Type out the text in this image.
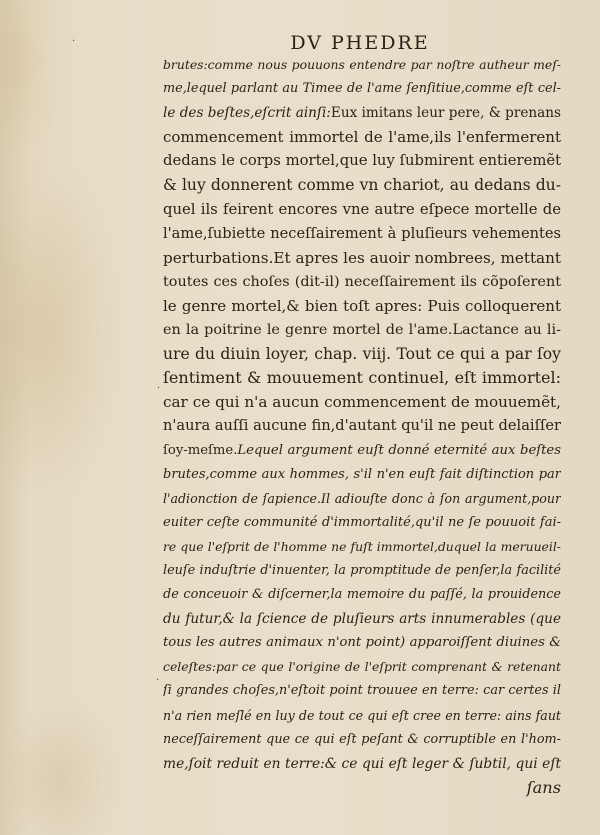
DV PHEDRE
brutes:comme nous pouuons entendre par noſtre autheur meſ-
me,lequel parlant au Timee de l'ame ſenſitiue,comme eſt cel-
le des beſtes,eſcrit ainſi:Eux imitans leur pere, & prenans
commencement immortel de l'ame,ils l'enfermerent
dedans le corps mortel,que luy ſubmirent entieremẽt
& luy donnerent comme vn chariot, au dedans du-
quel ils feirent encores vne autre eſpece mortelle de
l'ame,ſubiette neceſſairement à pluſieurs vehementes
perturbations.Et apres les auoir nombrees, mettant
toutes ces choſes (dit-il) neceſſairement ils cõpoſerent
le genre mortel,& bien toſt apres: Puis colloquerent
en la poitrine le genre mortel de l'ame.Lactance au li-
ure du diuin loyer, chap. viij. Tout ce qui a par ſoy
ſentiment & mouuement continuel, eſt immortel:
car ce qui n'a aucun commencement de mouuemẽt,
n'aura auſſi aucune fin,d'autant qu'il ne peut delaiſſer
ſoy-meſme.Lequel argument euſt donné eternité aux beſtes
brutes,comme aux hommes, s'il n'en euſt fait diſtinction par
l'adionction de ſapience.Il adiouſte donc à ſon argument,pour
euiter ceſte communité d'immortalité,qu'il ne ſe pouuoit fai-
re que l'eſprit de l'homme ne fuſt immortel,duquel la meruueil-
leuſe induſtrie d'inuenter, la promptitude de penſer,la facilité
de conceuoir & diſcerner,la memoire du paſſé, la prouidence
du futur,& la ſcience de pluſieurs arts innumerables (que
tous les autres animaux n'ont point) apparoiſſent diuines &
celeſtes:par ce que l'origine de l'eſprit comprenant & retenant
ſi grandes choſes,n'eſtoit point trouuee en terre: car certes il
n'a rien meſlé en luy de tout ce qui eſt cree en terre: ains faut
neceſſairement que ce qui eſt peſant & corruptible en l'hom-
me,ſoit reduit en terre:& ce qui eſt leger & ſubtil, qui eſt
ſans
·
·
·
